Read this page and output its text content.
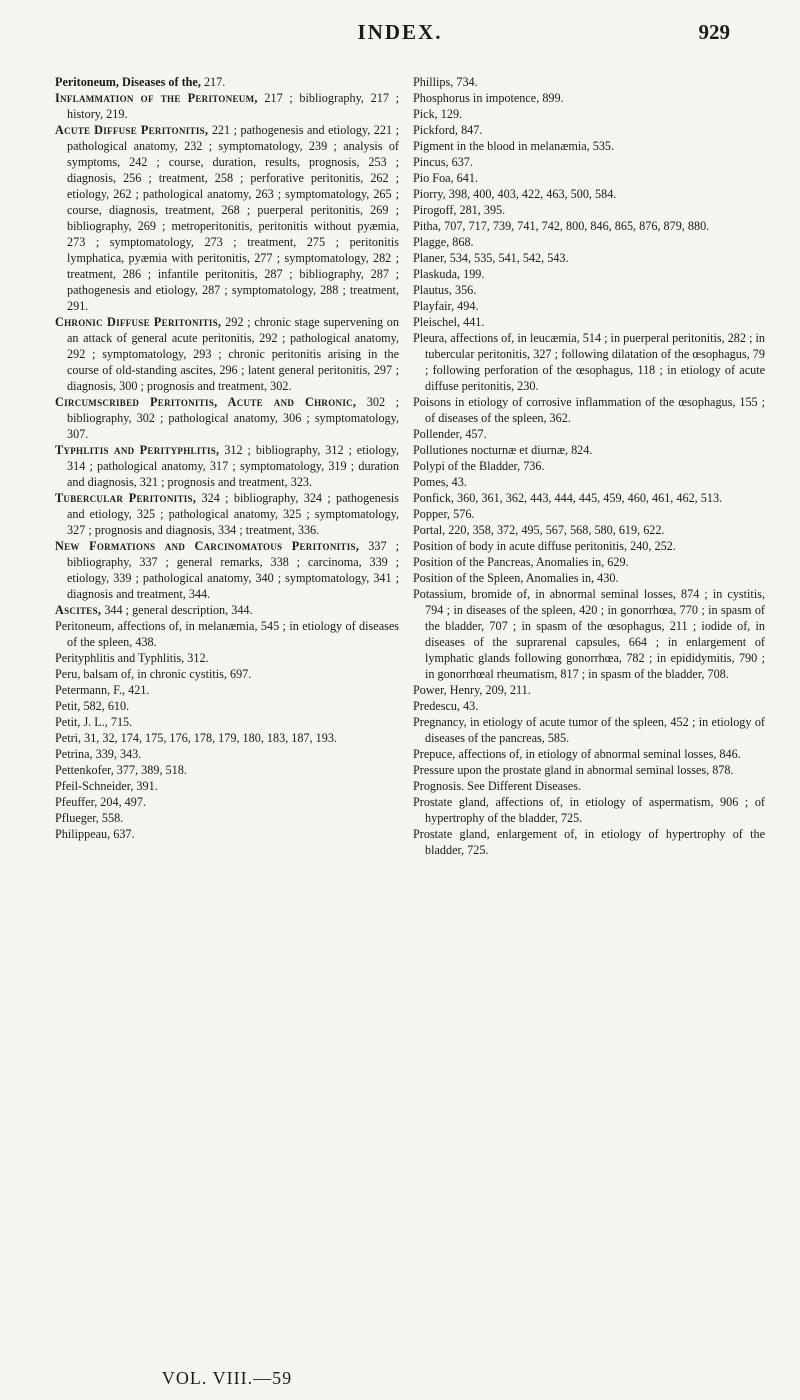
INDEX.	929

Peritoneum, Diseases of the, 217.

Inflammation of the Peritoneum, 217 ; bibliography, 217 ; history, 219.

Acute Diffuse Peritonitis, 221 ; pathogenesis and etiology, 221 ; pathological anatomy, 232 ; symptomatology, 239 ; analysis of symptoms, 242 ; course, duration, results, prognosis, 253 ; diagnosis, 256 ; treatment, 258 ; perforative peritonitis, 262 ; etiology, 262 ; pathological anatomy, 263 ; symptomatology, 265 ; course, diagnosis, treatment, 268 ; puerperal peritonitis, 269 ; bibliography, 269 ; metroperitonitis, peritonitis without pyæmia, 273 ; symptomatology, 273 ; treatment, 275 ; peritonitis lymphatica, pyæmia with peritonitis, 277 ; symptomatology, 282 ; treatment, 286 ; infantile peritonitis, 287 ; bibliography, 287 ; pathogenesis and etiology, 287 ; symptomatology, 288 ; treatment, 291.

Chronic Diffuse Peritonitis, 292 ; chronic stage supervening on an attack of general acute peritonitis, 292 ; pathological anatomy, 292 ; symptomatology, 293 ; chronic peritonitis arising in the course of old-standing ascites, 296 ; latent general peritonitis, 297 ; diagnosis, 300 ; prognosis and treatment, 302.

Circumscribed Peritonitis, Acute and Chronic, 302 ; bibliography, 302 ; pathological anatomy, 306 ; symptomatology, 307.

Typhlitis and Perityphlitis, 312 ; bibliography, 312 ; etiology, 314 ; pathological anatomy, 317 ; symptomatology, 319 ; duration and diagnosis, 321 ; prognosis and treatment, 323.

Tubercular Peritonitis, 324 ; bibliography, 324 ; pathogenesis and etiology, 325 ; pathological anatomy, 325 ; symptomatology, 327 ; prognosis and diagnosis, 334 ; treatment, 336.

New Formations and Carcinomatous Peritonitis, 337 ; bibliography, 337 ; general remarks, 338 ; carcinoma, 339 ; etiology, 339 ; pathological anatomy, 340 ; symptomatology, 341 ; diagnosis and treatment, 344.

Ascites, 344 ; general description, 344.

Peritoneum, affections of, in melanæmia, 545 ; in etiology of diseases of the spleen, 438.

Perityphlitis and Typhlitis, 312.

Peru, balsam of, in chronic cystitis, 697.

Petermann, F., 421.

Petit, 582, 610.

Petit, J. L., 715.

Petri, 31, 32, 174, 175, 176, 178, 179, 180, 183, 187, 193.

Petrina, 339, 343.

Pettenkofer, 377, 389, 518.

Pfeil-Schneider, 391.

Pfeuffer, 204, 497.

Pflueger, 558.

Philippeau, 637.

Phillips, 734.

Phosphorus in impotence, 899.

Pick, 129.

Pickford, 847.

Pigment in the blood in melanæmia, 535.

Pincus, 637.

Pio Foa, 641.

Piorry, 398, 400, 403, 422, 463, 500, 584.

Pirogoff, 281, 395.

Pitha, 707, 717, 739, 741, 742, 800, 846, 865, 876, 879, 880.

Plagge, 868.

Planer, 534, 535, 541, 542, 543.

Plaskuda, 199.

Plautus, 356.

Playfair, 494.

Pleischel, 441.

Pleura, affections of, in leucæmia, 514 ; in puerperal peritonitis, 282 ; in tubercular peritonitis, 327 ; following dilatation of the œsophagus, 79 ; following perforation of the œsophagus, 118 ; in etiology of acute diffuse peritonitis, 230.

Poisons in etiology of corrosive inflammation of the œsophagus, 155 ; of diseases of the spleen, 362.

Pollender, 457.

Pollutiones nocturnæ et diurnæ, 824.

Polypi of the Bladder, 736.

Pomes, 43.

Ponfick, 360, 361, 362, 443, 444, 445, 459, 460, 461, 462, 513.

Popper, 576.

Portal, 220, 358, 372, 495, 567, 568, 580, 619, 622.

Position of body in acute diffuse peritonitis, 240, 252.

Position of the Pancreas, Anomalies in, 629.

Position of the Spleen, Anomalies in, 430.

Potassium, bromide of, in abnormal seminal losses, 874 ; in cystitis, 794 ; in diseases of the spleen, 420 ; in gonorrhœa, 770 ; in spasm of the bladder, 707 ; in spasm of the œsophagus, 211 ; iodide of, in diseases of the suprarenal capsules, 664 ; in enlargement of lymphatic glands following gonorrhœa, 782 ; in epididymitis, 790 ; in gonorrhœal rheumatism, 817 ; in spasm of the bladder, 708.

Power, Henry, 209, 211.

Predescu, 43.

Pregnancy, in etiology of acute tumor of the spleen, 452 ; in etiology of diseases of the pancreas, 585.

Prepuce, affections of, in etiology of abnormal seminal losses, 846.

Pressure upon the prostate gland in abnormal seminal losses, 878.

Prognosis. See Different Diseases.

Prostate gland, affections of, in etiology of aspermatism, 906 ; of hypertrophy of the bladder, 725.

Prostate gland, enlargement of, in etiology of hypertrophy of the bladder, 725.

VOL. VIII.—59
